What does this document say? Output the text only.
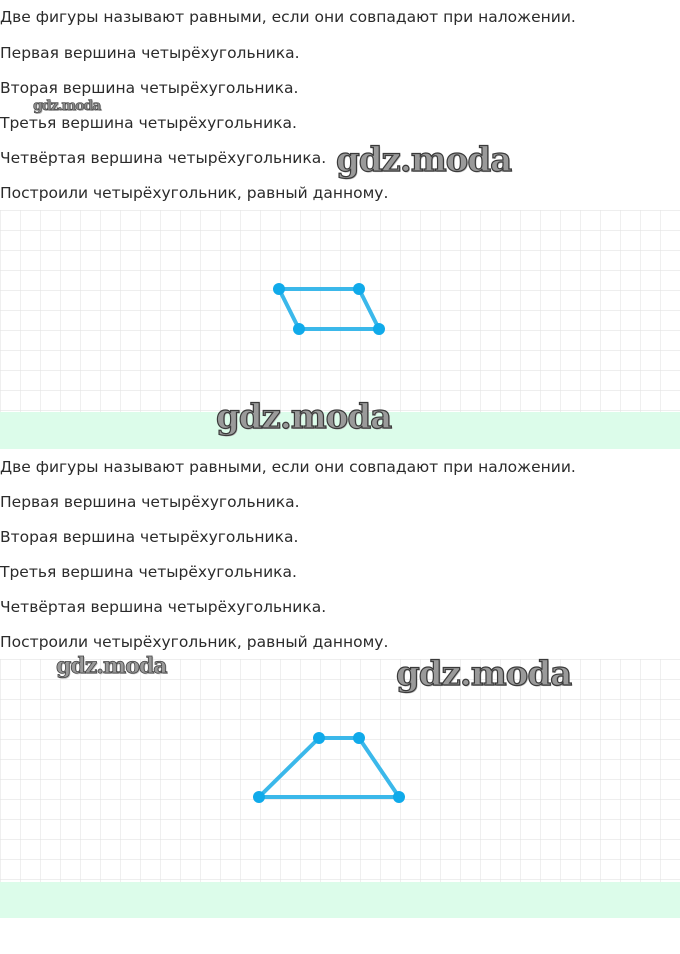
Две фигуры называют равными, если они совпадают при наложении.

Первая вершина четырёхугольника.

Вторая вершина четырёхугольника.

Третья вершина четырёхугольника.

Четвёртая вершина четырёхугольника.

Построили четырёхугольник, равный данному.

Две фигуры называют равными, если они совпадают при наложении.

Первая вершина четырёхугольника.

Вторая вершина четырёхугольника.

Третья вершина четырёхугольника.

Четвёртая вершина четырёхугольника.

Построили четырёхугольник, равный данному.

gdz.moda
gdz.moda
gdz.moda
gdz.moda	gdz.moda
